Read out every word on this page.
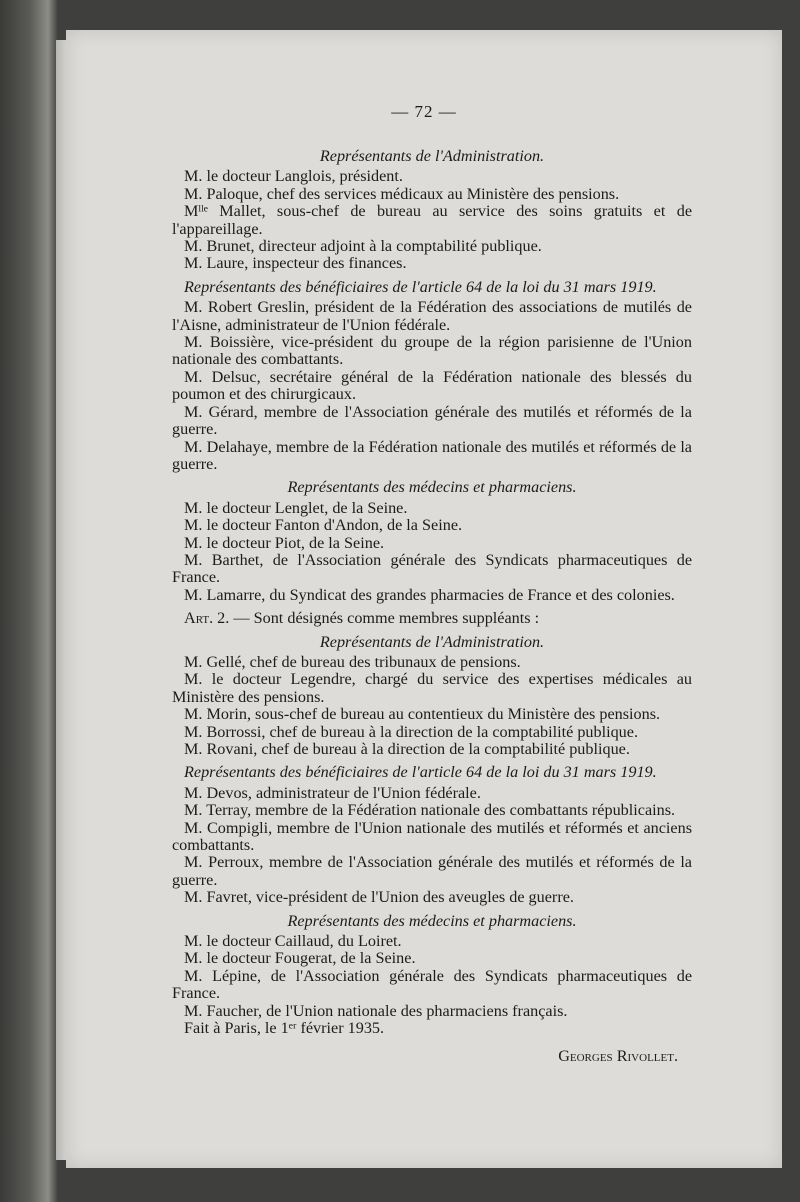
— 72 —
Représentants de l'Administration.
M. le docteur Langlois, président.
M. Paloque, chef des services médicaux au Ministère des pensions.
Mˡˡᵉ Mallet, sous-chef de bureau au service des soins gratuits et de l'appareillage.
M. Brunet, directeur adjoint à la comptabilité publique.
M. Laure, inspecteur des finances.
Représentants des bénéficiaires de l'article 64 de la loi du 31 mars 1919.
M. Robert Greslin, président de la Fédération des associations de mutilés de l'Aisne, administrateur de l'Union fédérale.
M. Boissière, vice-président du groupe de la région parisienne de l'Union nationale des combattants.
M. Delsuc, secrétaire général de la Fédération nationale des blessés du poumon et des chirurgicaux.
M. Gérard, membre de l'Association générale des mutilés et réformés de la guerre.
M. Delahaye, membre de la Fédération nationale des mutilés et réformés de la guerre.
Représentants des médecins et pharmaciens.
M. le docteur Lenglet, de la Seine.
M. le docteur Fanton d'Andon, de la Seine.
M. le docteur Piot, de la Seine.
M. Barthet, de l'Association générale des Syndicats pharmaceutiques de France.
M. Lamarre, du Syndicat des grandes pharmacies de France et des colonies.
Art. 2. — Sont désignés comme membres suppléants :
Représentants de l'Administration.
M. Gellé, chef de bureau des tribunaux de pensions.
M. le docteur Legendre, chargé du service des expertises médicales au Ministère des pensions.
M. Morin, sous-chef de bureau au contentieux du Ministère des pensions.
M. Borrossi, chef de bureau à la direction de la comptabilité publique.
M. Rovani, chef de bureau à la direction de la comptabilité publique.
Représentants des bénéficiaires de l'article 64 de la loi du 31 mars 1919.
M. Devos, administrateur de l'Union fédérale.
M. Terray, membre de la Fédération nationale des combattants républicains.
M. Compigli, membre de l'Union nationale des mutilés et réformés et anciens combattants.
M. Perroux, membre de l'Association générale des mutilés et réformés de la guerre.
M. Favret, vice-président de l'Union des aveugles de guerre.
Représentants des médecins et pharmaciens.
M. le docteur Caillaud, du Loiret.
M. le docteur Fougerat, de la Seine.
M. Lépine, de l'Association générale des Syndicats pharmaceutiques de France.
M. Faucher, de l'Union nationale des pharmaciens français.
Fait à Paris, le 1ᵉʳ février 1935.
Georges Rivollet.
